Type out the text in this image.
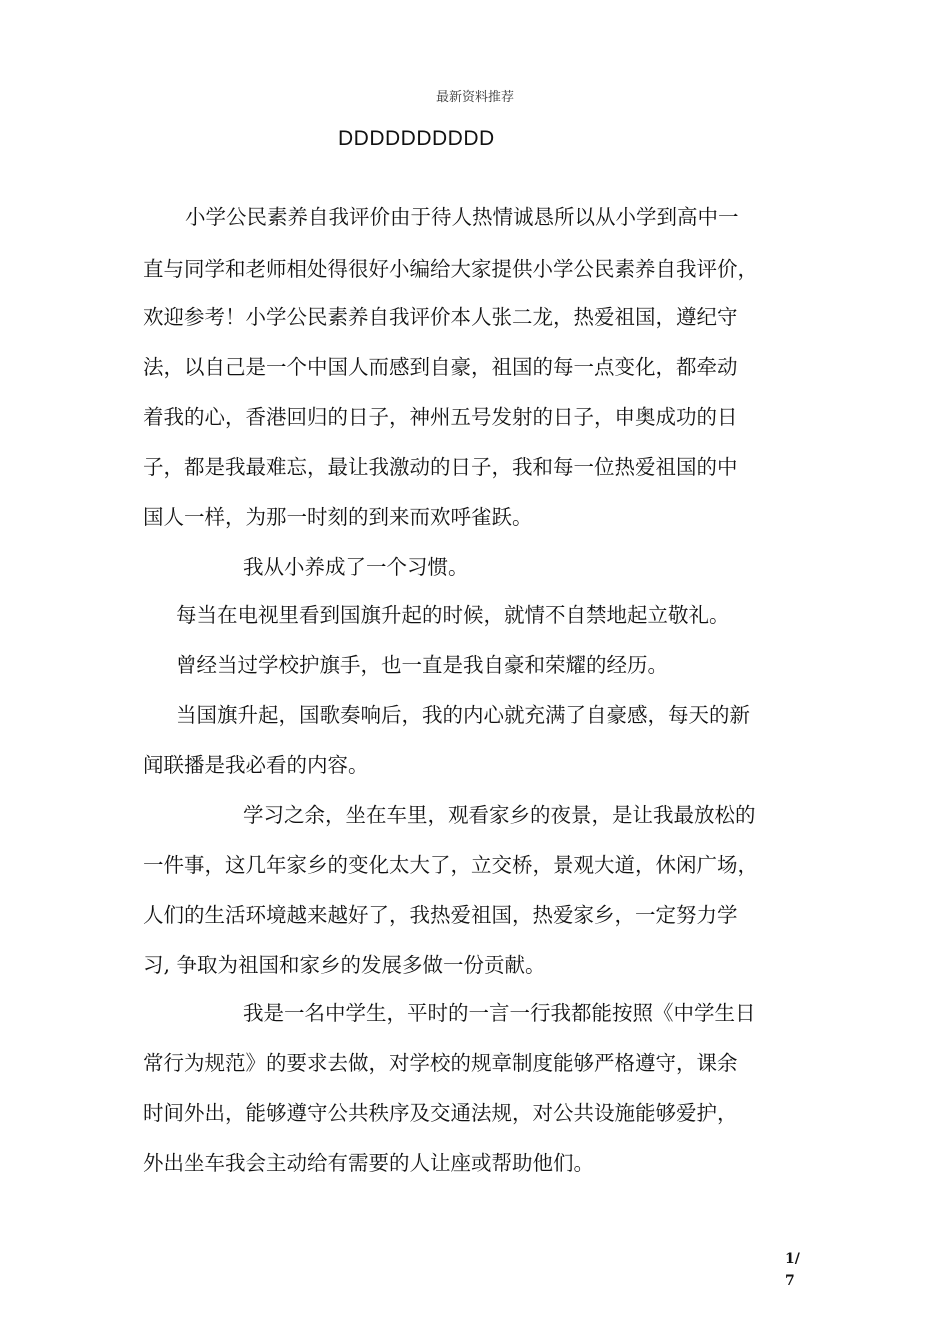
最新资料推荐
DDDDDDDDDD
小学公民素养自我评价由于待人热情诚恳所以从小学到高中一
直与同学和老师相处得很好小编给大家提供小学公民素养自我评价，
欢迎参考！小学公民素养自我评价本人张二龙，热爱祖国，遵纪守
法，以自己是一个中国人而感到自豪，祖国的每一点变化，都牵动
着我的心，香港回归的日子，神州五号发射的日子，申奥成功的日
子，都是我最难忘，最让我激动的日子，我和每一位热爱祖国的中
国人一样，为那一时刻的到来而欢呼雀跃。
我从小养成了一个习惯。
每当在电视里看到国旗升起的时候，就情不自禁地起立敬礼。
曾经当过学校护旗手，也一直是我自豪和荣耀的经历。
当国旗升起，国歌奏响后，我的内心就充满了自豪感，每天的新
闻联播是我必看的内容。
学习之余，坐在车里，观看家乡的夜景，是让我最放松的
一件事，这几年家乡的变化太大了，立交桥，景观大道，休闲广场，
人们的生活环境越来越好了，我热爱祖国，热爱家乡，一定努力学
习, 争取为祖国和家乡的发展多做一份贡献。
我是一名中学生，平时的一言一行我都能按照《中学生日
常行为规范》的要求去做，对学校的规章制度能够严格遵守，课余
时间外出，能够遵守公共秩序及交通法规，对公共设施能够爱护，
外出坐车我会主动给有需要的人让座或帮助他们。
1/
7
